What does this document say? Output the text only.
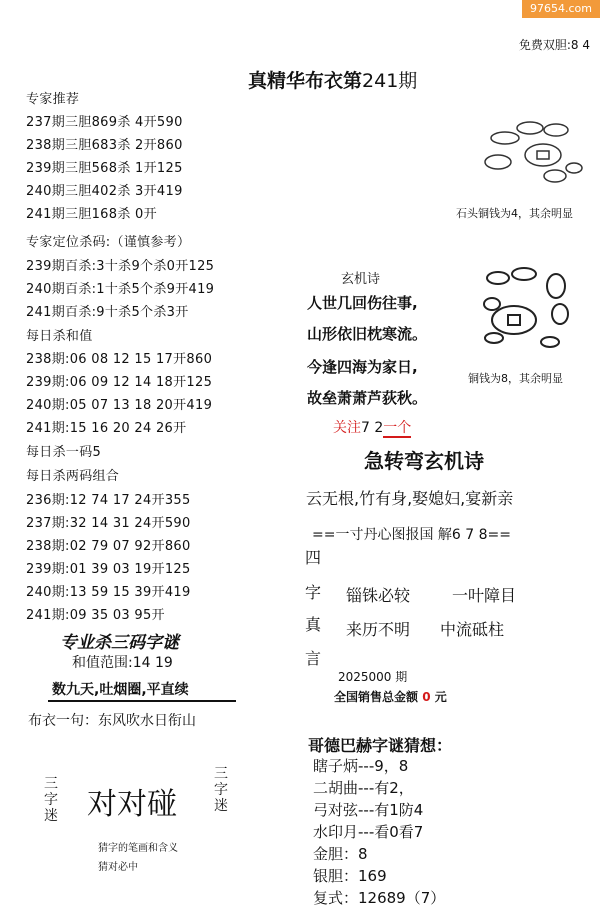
97654.com
免费双胆:8 4
真精华布衣第241期
专家推荐
237期三胆869杀 4开590
238期三胆683杀 2开860
239期三胆568杀 1开125
240期三胆402杀 3开419
241期三胆168杀 0开
专家定位杀码:（谨慎参考）
239期百杀:3十杀9个杀0开125
240期百杀:1十杀5个杀9开419
241期百杀:9十杀5个杀3开
每日杀和值
238期:06 08 12 15 17开860
239期:06 09 12 14 18开125
240期:05 07 13 18 20开419
241期:15 16 20 24 26开
每日杀一码5
每日杀两码组合
236期:12 74 17 24开355
237期:32 14 31 24开590
238期:02 79 07 92开860
239期:01 39 03 19开125
240期:13 59 15 39开419
241期:09 35 03 95开
专业杀三码字谜
和值范围:14 19
数九天,吐烟圈,平直续
布衣一句：东风吹水日衔山
三字迷 对对碰
三字迷
猜字的笔画和含义
猜对必中
石头铜钱为4，其余明显
玄机诗
人世几回伤往事,
山形依旧枕寒流。
今逢四海为家日,
故垒萧萧芦荻秋。
铜钱为8，其余明显
关注7 2一个
急转弯玄机诗
云无根,竹有身,娶媳妇,宴新亲
==一寸丹心图报国 解6 7 8==
四
字
真
言
锱铢必较	一叶障目
来历不明 中流砥柱
2025000 期
全国销售总金额 0 元
哥德巴赫字谜猜想：
瞎子炳---9，8
二胡曲---有2，
弓对弦---有1防4
水印月---看0看7
金胆：8
银胆：169
复式：12689（7）
